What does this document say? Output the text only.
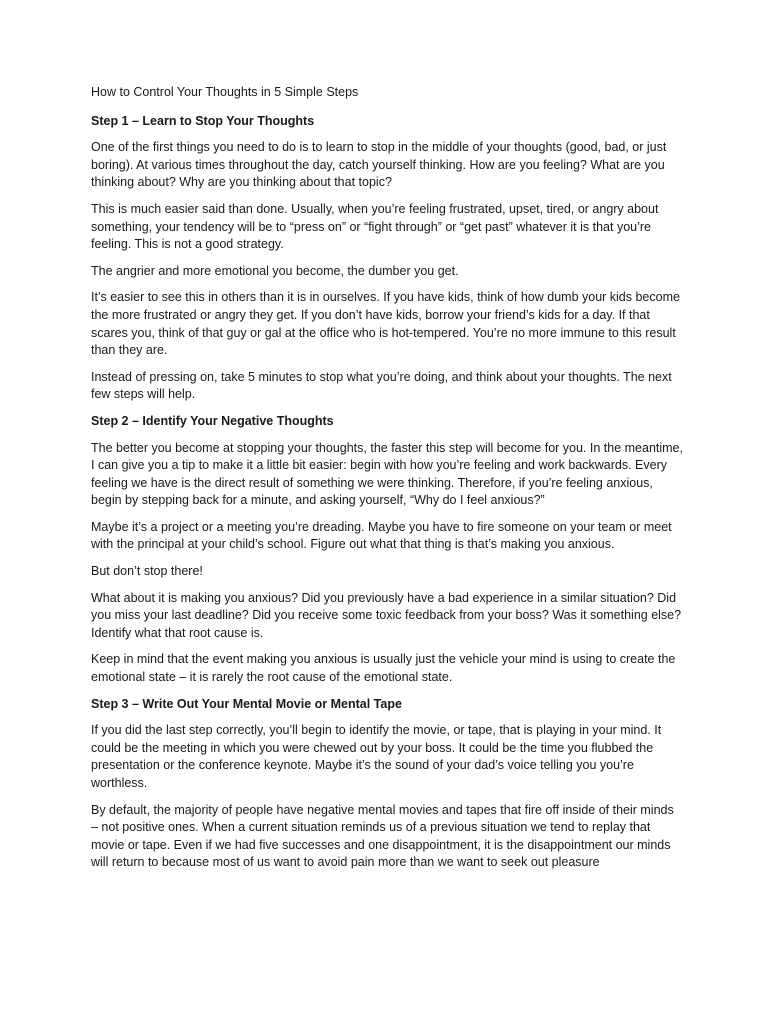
How to Control Your Thoughts in 5 Simple Steps

Step 1 – Learn to Stop Your Thoughts

One of the first things you need to do is to learn to stop in the middle of your thoughts (good, bad, or just boring). At various times throughout the day, catch yourself thinking. How are you feeling? What are you thinking about? Why are you thinking about that topic?

This is much easier said than done. Usually, when you’re feeling frustrated, upset, tired, or angry about something, your tendency will be to “press on” or “fight through” or “get past” whatever it is that you’re feeling. This is not a good strategy.

The angrier and more emotional you become, the dumber you get.

It’s easier to see this in others than it is in ourselves. If you have kids, think of how dumb your kids become the more frustrated or angry they get. If you don’t have kids, borrow your friend’s kids for a day. If that scares you, think of that guy or gal at the office who is hot-tempered. You’re no more immune to this result than they are.

Instead of pressing on, take 5 minutes to stop what you’re doing, and think about your thoughts. The next few steps will help.

Step 2 – Identify Your Negative Thoughts

The better you become at stopping your thoughts, the faster this step will become for you. In the meantime, I can give you a tip to make it a little bit easier: begin with how you’re feeling and work backwards. Every feeling we have is the direct result of something we were thinking. Therefore, if you’re feeling anxious, begin by stepping back for a minute, and asking yourself, “Why do I feel anxious?”

Maybe it’s a project or a meeting you’re dreading. Maybe you have to fire someone on your team or meet with the principal at your child’s school. Figure out what that thing is that’s making you anxious.

But don’t stop there!

What about it is making you anxious? Did you previously have a bad experience in a similar situation? Did you miss your last deadline? Did you receive some toxic feedback from your boss? Was it something else? Identify what that root cause is.

Keep in mind that the event making you anxious is usually just the vehicle your mind is using to create the emotional state – it is rarely the root cause of the emotional state.

Step 3 – Write Out Your Mental Movie or Mental Tape

If you did the last step correctly, you’ll begin to identify the movie, or tape, that is playing in your mind. It could be the meeting in which you were chewed out by your boss. It could be the time you flubbed the presentation or the conference keynote. Maybe it’s the sound of your dad’s voice telling you you’re worthless.

By default, the majority of people have negative mental movies and tapes that fire off inside of their minds – not positive ones. When a current situation reminds us of a previous situation we tend to replay that movie or tape. Even if we had five successes and one disappointment, it is the disappointment our minds will return to because most of us want to avoid pain more than we want to seek out pleasure
